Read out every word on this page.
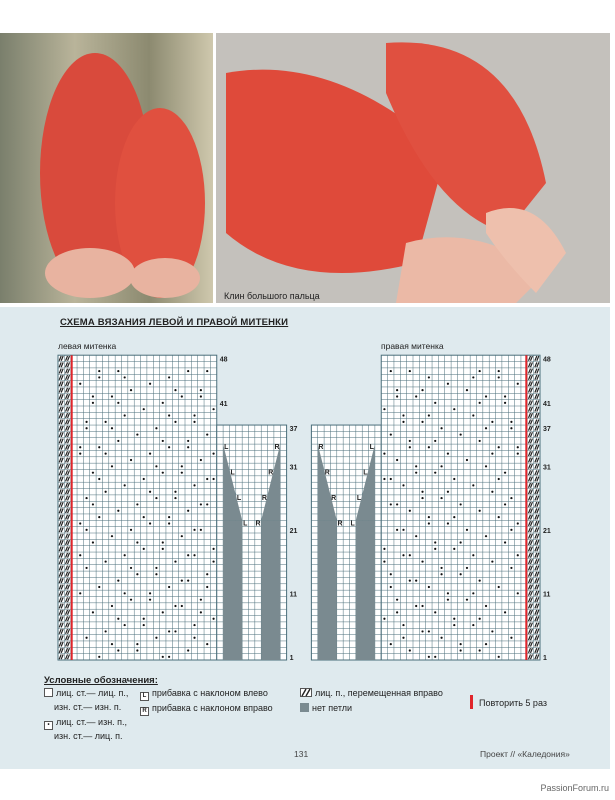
Клин большого пальца
СХЕМА ВЯЗАНИЯ ЛЕВОЙ И ПРАВОЙ МИТЕНКИ
левая митенка	правая митенка
L
L
L
L
R
R
R
R
L
L
L
L
R
R
R
R
48	48
41	41
37	37
31	31
21	21
11	11
1	1
Условные обозначения:
лиц. ст.— лиц. п.,
изн. ст.— изн. п.
• лиц. ст.— изн. п.,
изн. ст.— лиц. п.
L прибавка с наклоном влево
R прибавка с наклоном вправо
лиц. п., перемещенная вправо
нет петли	Повторить 5 раз
131	Проект // «Каледония»
PassionForum.ru
